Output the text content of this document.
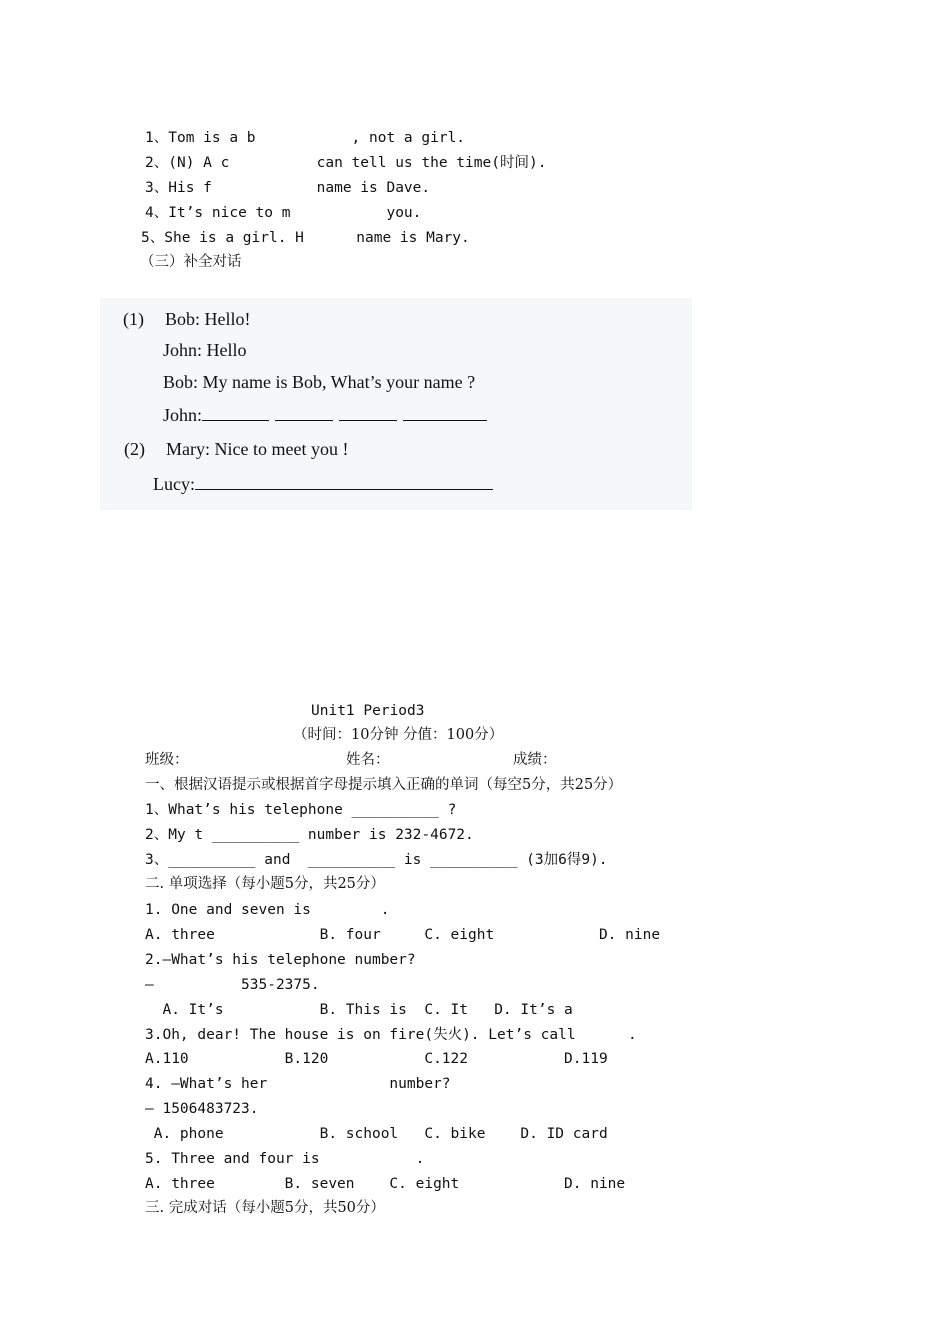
1、Tom is a b           , not a girl.
2、(N) A c          can tell us the time(时间).
3、His f            name is Dave.
4、It’s nice to m           you.
5、She is a girl. H      name is Mary.
（三）补全对话
(1) Bob: Hello!
John: Hello
Bob: My name is Bob, What’s your name ?
John:
(2) Mary: Nice to meet you !
Lucy:
Unit1 Period3
（时间：10分钟 分值：100分）
班级：	姓名：	成绩：
一、根据汉语提示或根据首字母提示填入正确的单词（每空5分，共25分）
1、What’s his telephone __________ ?
2、My t __________ number is 232-4672.
3、__________ and  __________ is __________ (3加6得9).
二. 单项选择（每小题5分，共25分）
1. One and seven is        .
A. three            B. four     C. eight            D. nine
2.—What’s his telephone number?
—          535-2375.
A. It’s           B. This is  C. It   D. It’s a
3.Oh, dear! The house is on fire(失火). Let’s call      .
A.110           B.120           C.122           D.119
4. —What’s her              number?
— 1506483723.
A. phone           B. school   C. bike    D. ID card
5. Three and four is           .
A. three        B. seven    C. eight            D. nine
三. 完成对话（每小题5分，共50分）
